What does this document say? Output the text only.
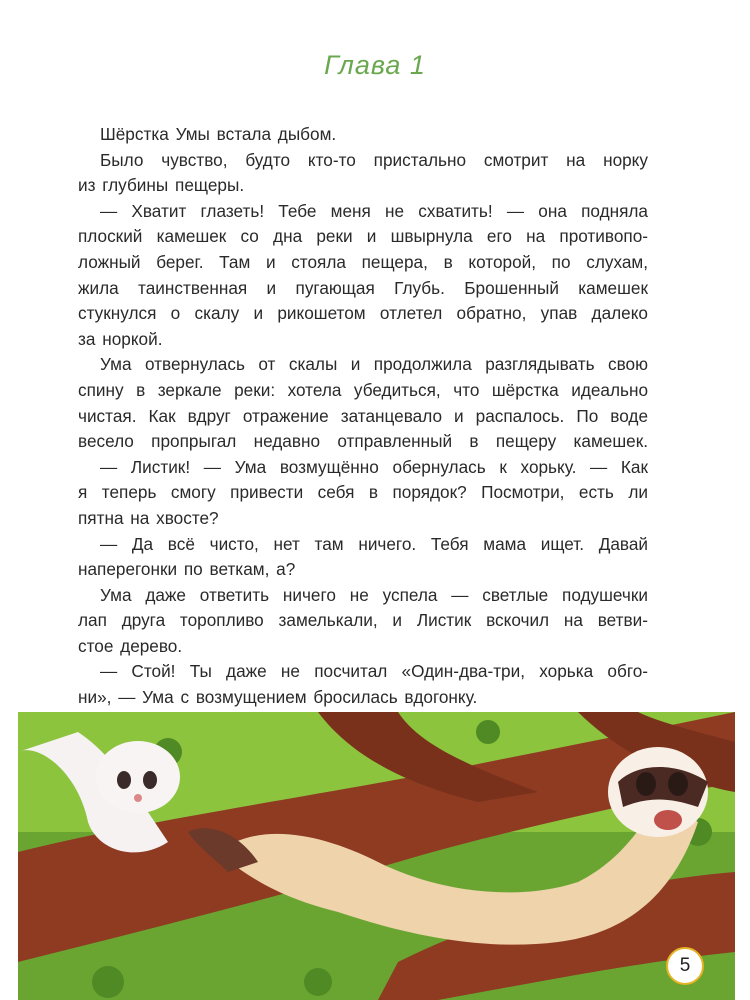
Глава 1
Шёрстка Умы встала дыбом.
Было чувство, будто кто-то пристально смотрит на норку
из глубины пещеры.
— Хватит глазеть! Тебе меня не схватить! — она подняла
плоский камешек со дна реки и швырнула его на противопо-
ложный берег. Там и стояла пещера, в которой, по слухам,
жила таинственная и пугающая Глубь. Брошенный камешек
стукнулся о скалу и рикошетом отлетел обратно, упав далеко
за норкой.
Ума отвернулась от скалы и продолжила разглядывать свою
спину в зеркале реки: хотела убедиться, что шёрстка идеально
чистая. Как вдруг отражение затанцевало и распалось. По воде
весело пропрыгал недавно отправленный в пещеру камешек.
— Листик! — Ума возмущённо обернулась к хорьку. — Как
я теперь смогу привести себя в порядок? Посмотри, есть ли
пятна на хвосте?
— Да всё чисто, нет там ничего. Тебя мама ищет. Давай
наперегонки по веткам, а?
Ума даже ответить ничего не успела — светлые подушечки
лап друга торопливо замелькали, и Листик вскочил на ветви-
стое дерево.
— Стой! Ты даже не посчитал «Один-два-три, хорька обго-
ни», — Ума с возмущением бросилась вдогонку.
5
